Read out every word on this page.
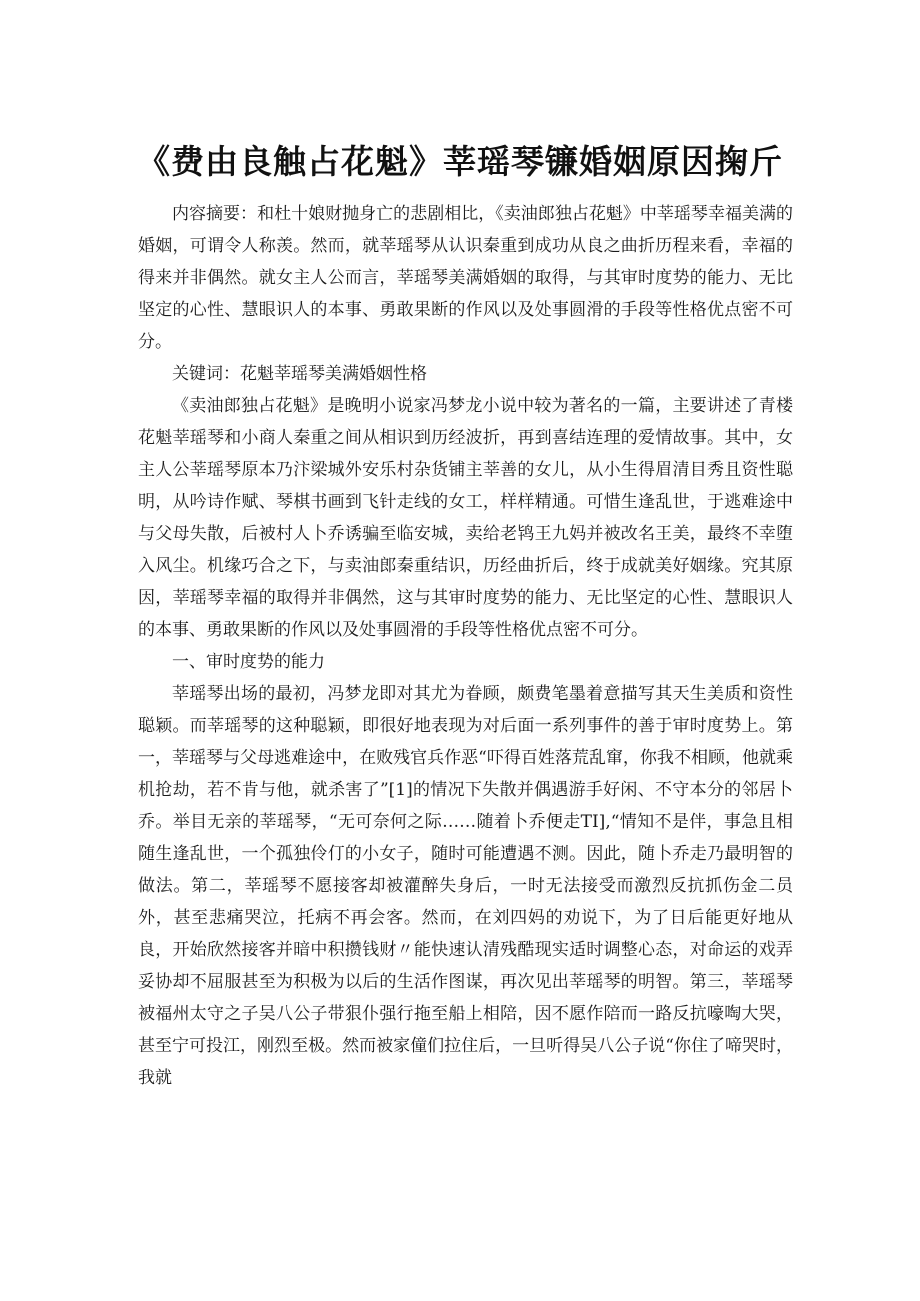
《费由良触占花魁》莘瑶琴镰婚姻原因掬斤

内容摘要：和杜十娘财抛身亡的悲剧相比，《卖油郎独占花魁》中莘瑶琴幸福美满的婚姻，可谓令人称羡。然而，就莘瑶琴从认识秦重到成功从良之曲折历程来看，幸福的得来并非偶然。就女主人公而言，莘瑶琴美满婚姻的取得，与其审时度势的能力、无比坚定的心性、慧眼识人的本事、勇敢果断的作风以及处事圆滑的手段等性格优点密不可分。

关键词：花魁莘瑶琴美满婚姻性格

《卖油郎独占花魁》是晚明小说家冯梦龙小说中较为著名的一篇，主要讲述了青楼花魁莘瑶琴和小商人秦重之间从相识到历经波折，再到喜结连理的爱情故事。其中，女主人公莘瑶琴原本乃汴梁城外安乐村杂货铺主莘善的女儿，从小生得眉清目秀且资性聪明，从吟诗作赋、琴棋书画到飞针走线的女工，样样精通。可惜生逢乱世，于逃难途中与父母失散，后被村人卜乔诱骗至临安城，卖给老鸨王九妈并被改名王美，最终不幸堕入风尘。机缘巧合之下，与卖油郎秦重结识，历经曲折后，终于成就美好姻缘。究其原因，莘瑶琴幸福的取得并非偶然，这与其审时度势的能力、无比坚定的心性、慧眼识人的本事、勇敢果断的作风以及处事圆滑的手段等性格优点密不可分。

一、审时度势的能力

莘瑶琴出场的最初，冯梦龙即对其尤为眷顾，颇费笔墨着意描写其天生美质和资性聪颖。而莘瑶琴的这种聪颖，即很好地表现为对后面一系列事件的善于审时度势上。第一，莘瑶琴与父母逃难途中，在败残官兵作恶“吓得百姓落荒乱窜，你我不相顾，他就乘机抢劫，若不肯与他，就杀害了”[1]的情况下失散并偶遇游手好闲、不守本分的邻居卜乔。举目无亲的莘瑶琴，“无可奈何之际……随着卜乔便走TI],“情知不是伴，事急且相随生逢乱世，一个孤独伶仃的小女子，随时可能遭遇不测。因此，随卜乔走乃最明智的做法。第二，莘瑶琴不愿接客却被灌醉失身后，一时无法接受而激烈反抗抓伤金二员外，甚至悲痛哭泣，托病不再会客。然而，在刘四妈的劝说下，为了日后能更好地从良，开始欣然接客并暗中积攒钱财〃能快速认清残酷现实适时调整心态，对命运的戏弄妥协却不屈服甚至为积极为以后的生活作图谋，再次见出莘瑶琴的明智。第三，莘瑶琴被福州太守之子吴八公子带狠仆强行拖至船上相陪，因不愿作陪而一路反抗嚎啕大哭，甚至宁可投江，刚烈至极。然而被家僮们拉住后，一旦听得吴八公子说“你住了啼哭时，我就
